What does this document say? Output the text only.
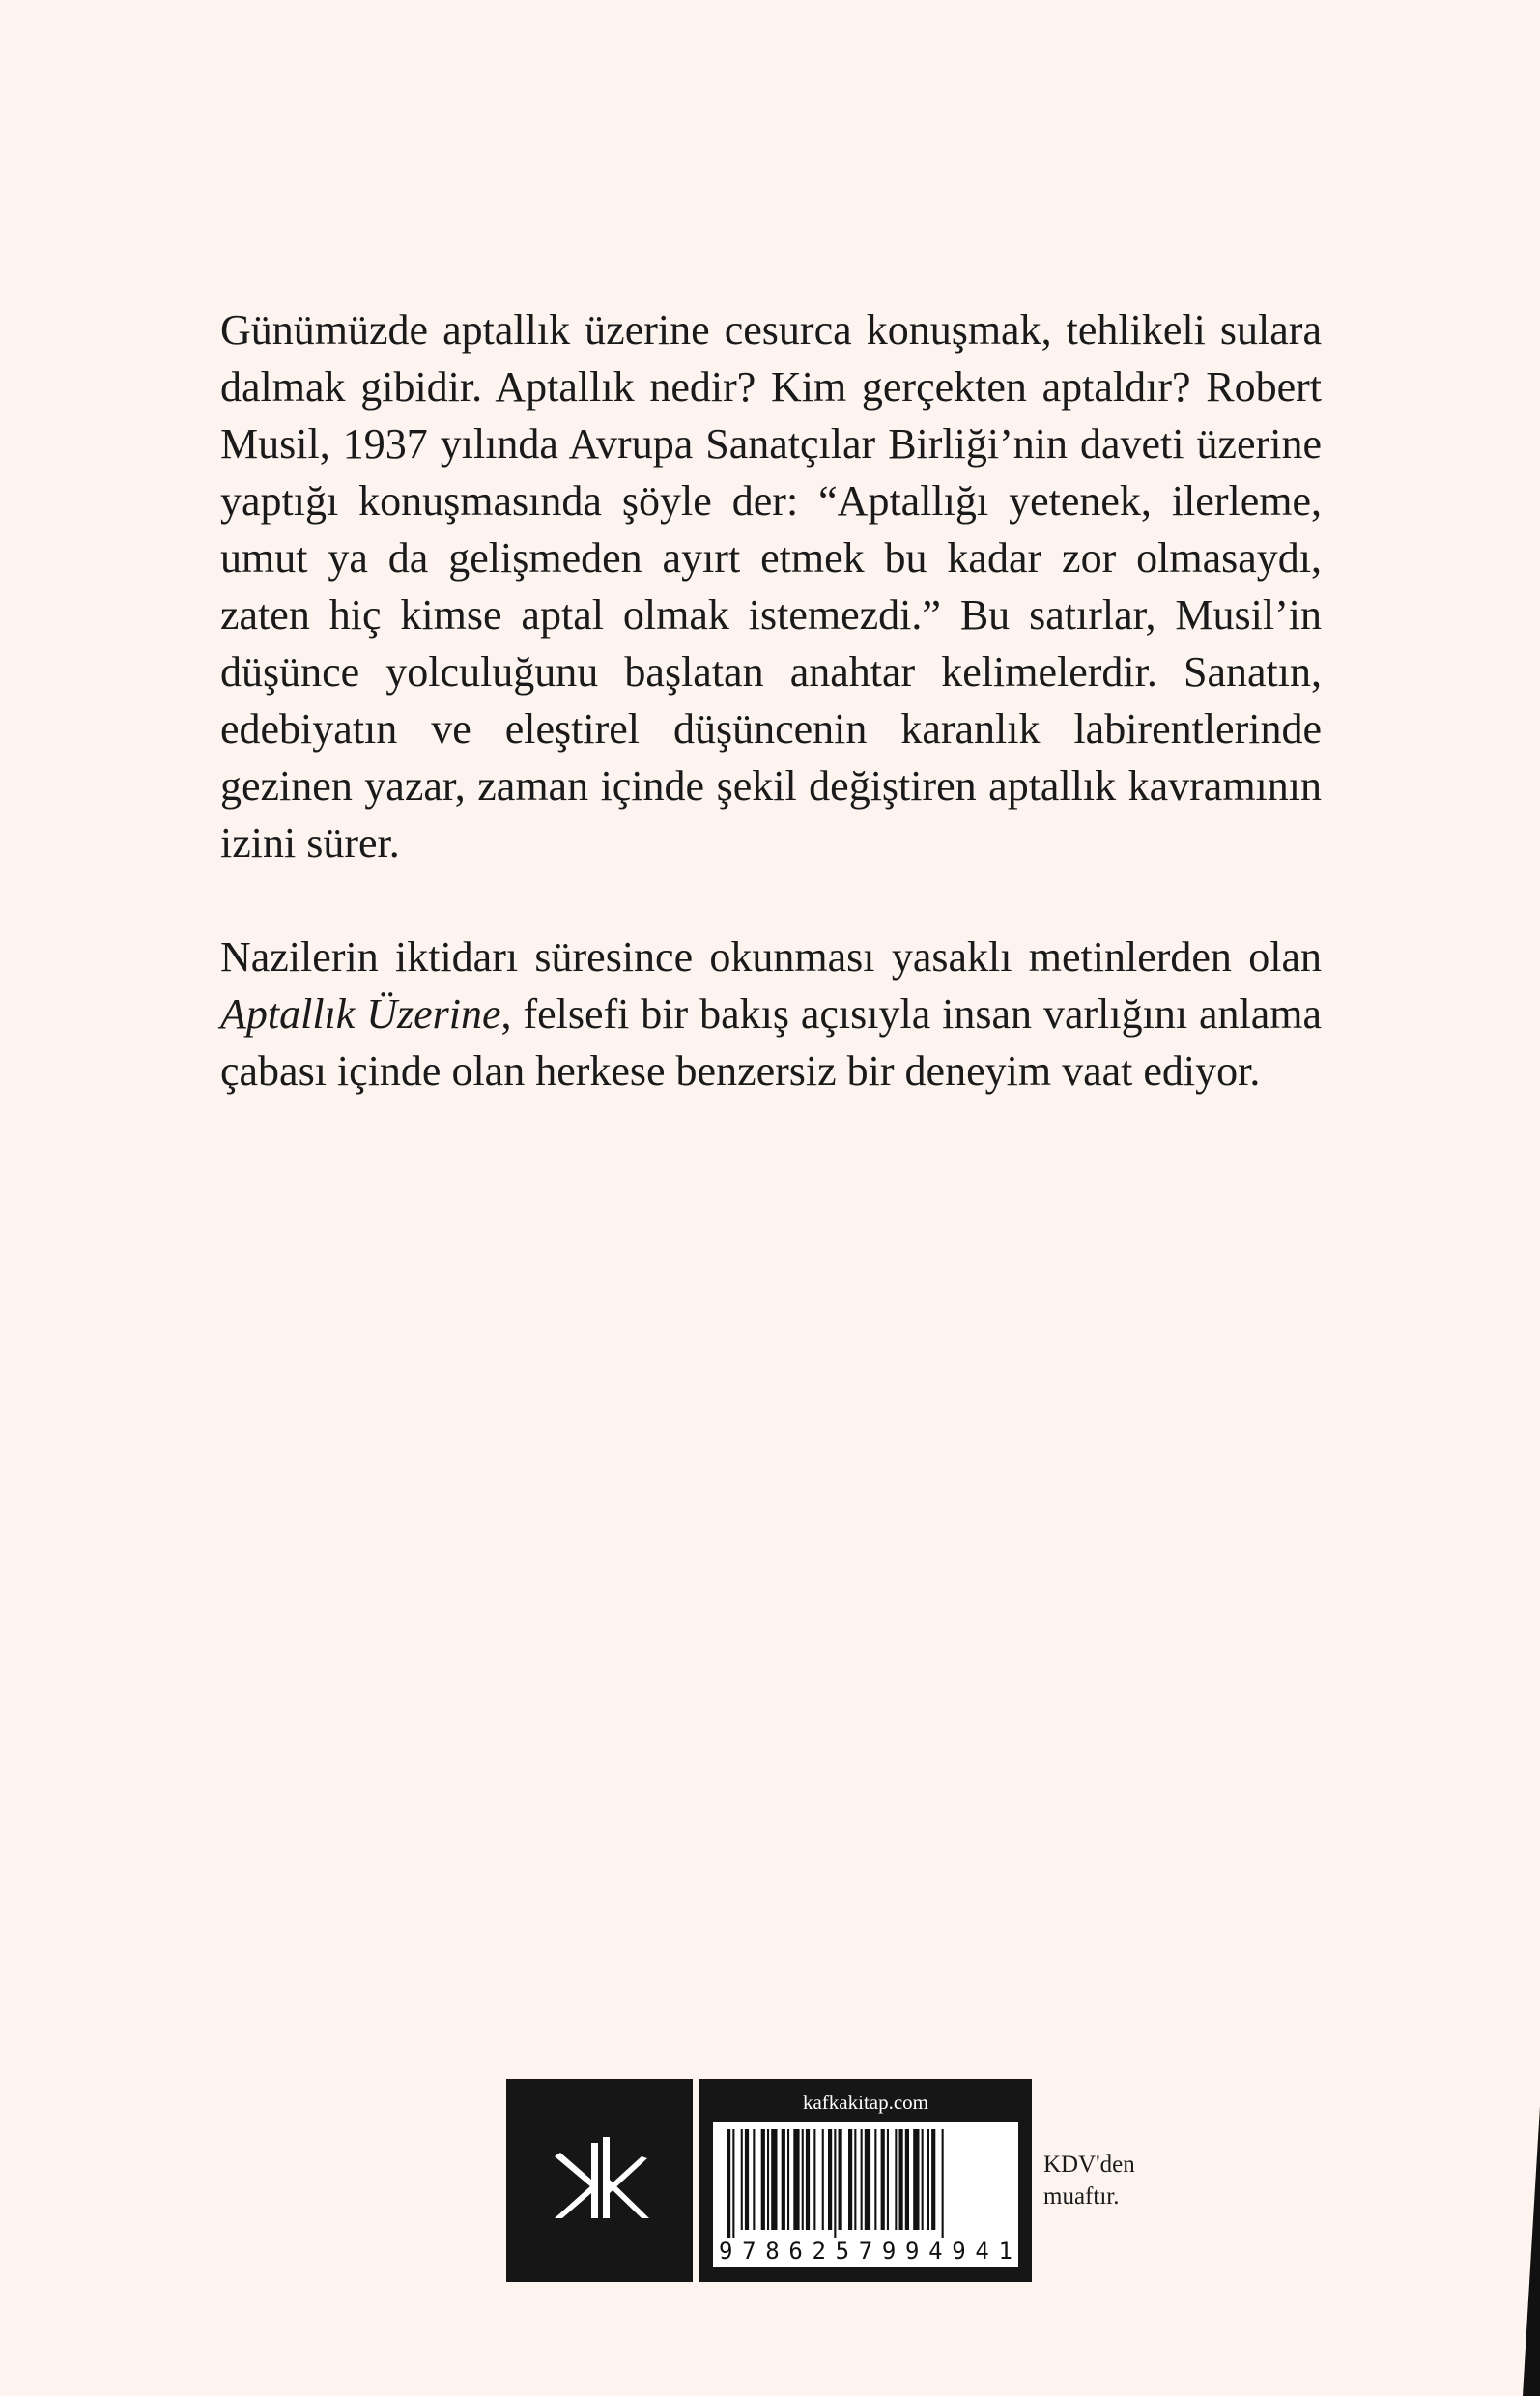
Günümüzde aptallık üzerine cesurca konuşmak, tehlikeli sulara dalmak gibidir. Aptallık nedir? Kim gerçekten aptaldır? Robert Musil, 1937 yılında Avrupa Sanatçılar Birliği’nin daveti üzerine yaptığı konuşmasında şöyle der: “Aptallığı yetenek, ilerleme, umut ya da gelişmeden ayırt etmek bu kadar zor olmasaydı, zaten hiç kimse aptal olmak istemezdi.” Bu satırlar, Musil’in düşünce yolculuğunu başlatan anahtar kelimelerdir. Sanatın, edebiyatın ve eleştirel düşüncenin karanlık labirentlerinde gezinen yazar, zaman içinde şekil değiştiren aptallık kavramının izini sürer.

Nazilerin iktidarı süresince okunması yasaklı metinlerden olan Aptallık Üzerine, felsefi bir bakış açısıyla insan varlığını anlama çabası içinde olan herkese benzersiz bir deneyim vaat ediyor.

kafkakitap.com
9 7 8 6 2 5 7 9 9 4 9 4 1
KDV'den
muaftır.
